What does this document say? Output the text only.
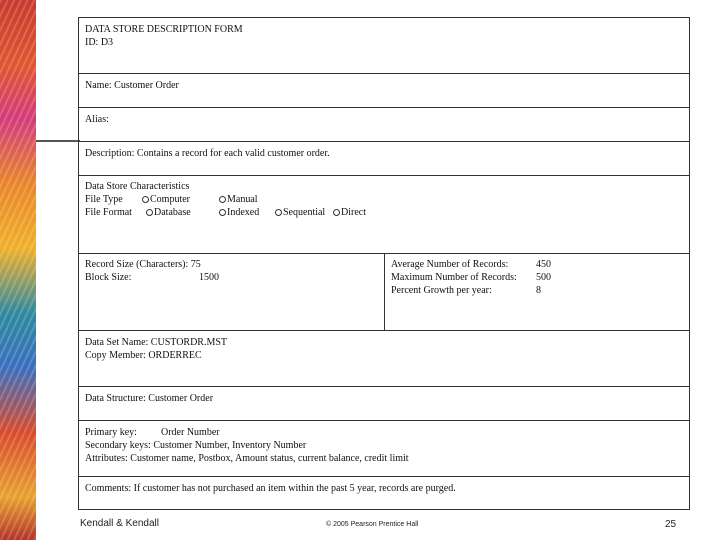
DATA STORE DESCRIPTION FORM
ID: D3
Name: Customer Order
Alias:
Description: Contains a record for each valid customer order.
Data Store Characteristics
File Type	Computer	Manual
File Format	Database	Indexed	Sequential	Direct
Record Size (Characters): 75
Block Size:	1500
Average Number of Records:	450
Maximum Number of Records: 500
Percent Growth per year:	8
Data Set Name: CUSTORDR.MST
Copy Member: ORDERREC
Data Structure: Customer Order
Primary key: Order Number
Secondary keys: Customer Number, Inventory Number
Attributes: Customer name, Postbox, Amount status, current balance, credit limit
Comments: If customer has not purchased an item within the past 5 year, records are purged.
Kendall & Kendall	© 2005 Pearson Prentice Hall	25
